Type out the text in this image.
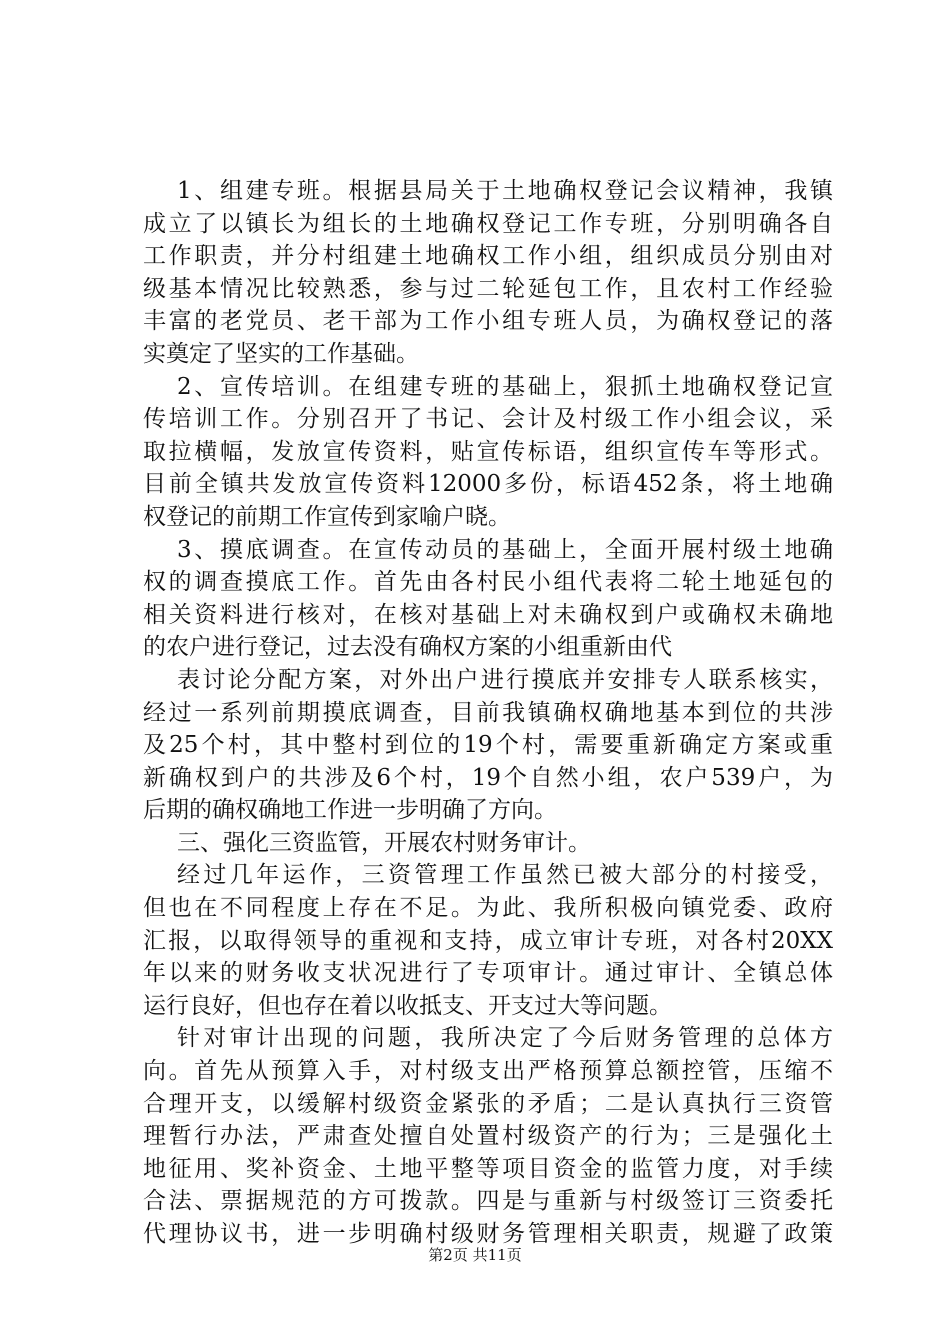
1、组建专班。根据县局关于土地确权登记会议精神，我镇
成立了以镇长为组长的土地确权登记工作专班，分别明确各自
工作职责，并分村组建土地确权工作小组，组织成员分别由对
级基本情况比较熟悉，参与过二轮延包工作，且农村工作经验
丰富的老党员、老干部为工作小组专班人员，为确权登记的落
实奠定了坚实的工作基础。
2、宣传培训。在组建专班的基础上，狠抓土地确权登记宣
传培训工作。分别召开了书记、会计及村级工作小组会议，采
取拉横幅，发放宣传资料，贴宣传标语，组织宣传车等形式。
目前全镇共发放宣传资料12000多份，标语452条，将土地确
权登记的前期工作宣传到家喻户晓。
3、摸底调查。在宣传动员的基础上，全面开展村级土地确
权的调查摸底工作。首先由各村民小组代表将二轮土地延包的
相关资料进行核对，在核对基础上对未确权到户或确权未确地
的农户进行登记，过去没有确权方案的小组重新由代
表讨论分配方案，对外出户进行摸底并安排专人联系核实，
经过一系列前期摸底调查，目前我镇确权确地基本到位的共涉
及25个村，其中整村到位的19个村，需要重新确定方案或重
新确权到户的共涉及6个村，19个自然小组，农户539户，为
后期的确权确地工作进一步明确了方向。
三、强化三资监管，开展农村财务审计。
经过几年运作，三资管理工作虽然已被大部分的村接受，
但也在不同程度上存在不足。为此、我所积极向镇党委、政府
汇报，以取得领导的重视和支持，成立审计专班，对各村20XX
年以来的财务收支状况进行了专项审计。通过审计、全镇总体
运行良好，但也存在着以收抵支、开支过大等问题。
针对审计出现的问题，我所决定了今后财务管理的总体方
向。首先从预算入手，对村级支出严格预算总额控管，压缩不
合理开支，以缓解村级资金紧张的矛盾；二是认真执行三资管
理暂行办法，严肃查处擅自处置村级资产的行为；三是强化土
地征用、奖补资金、土地平整等项目资金的监管力度，对手续
合法、票据规范的方可拨款。四是与重新与村级签订三资委托
代理协议书，进一步明确村级财务管理相关职责，规避了政策
第2页 共11页
